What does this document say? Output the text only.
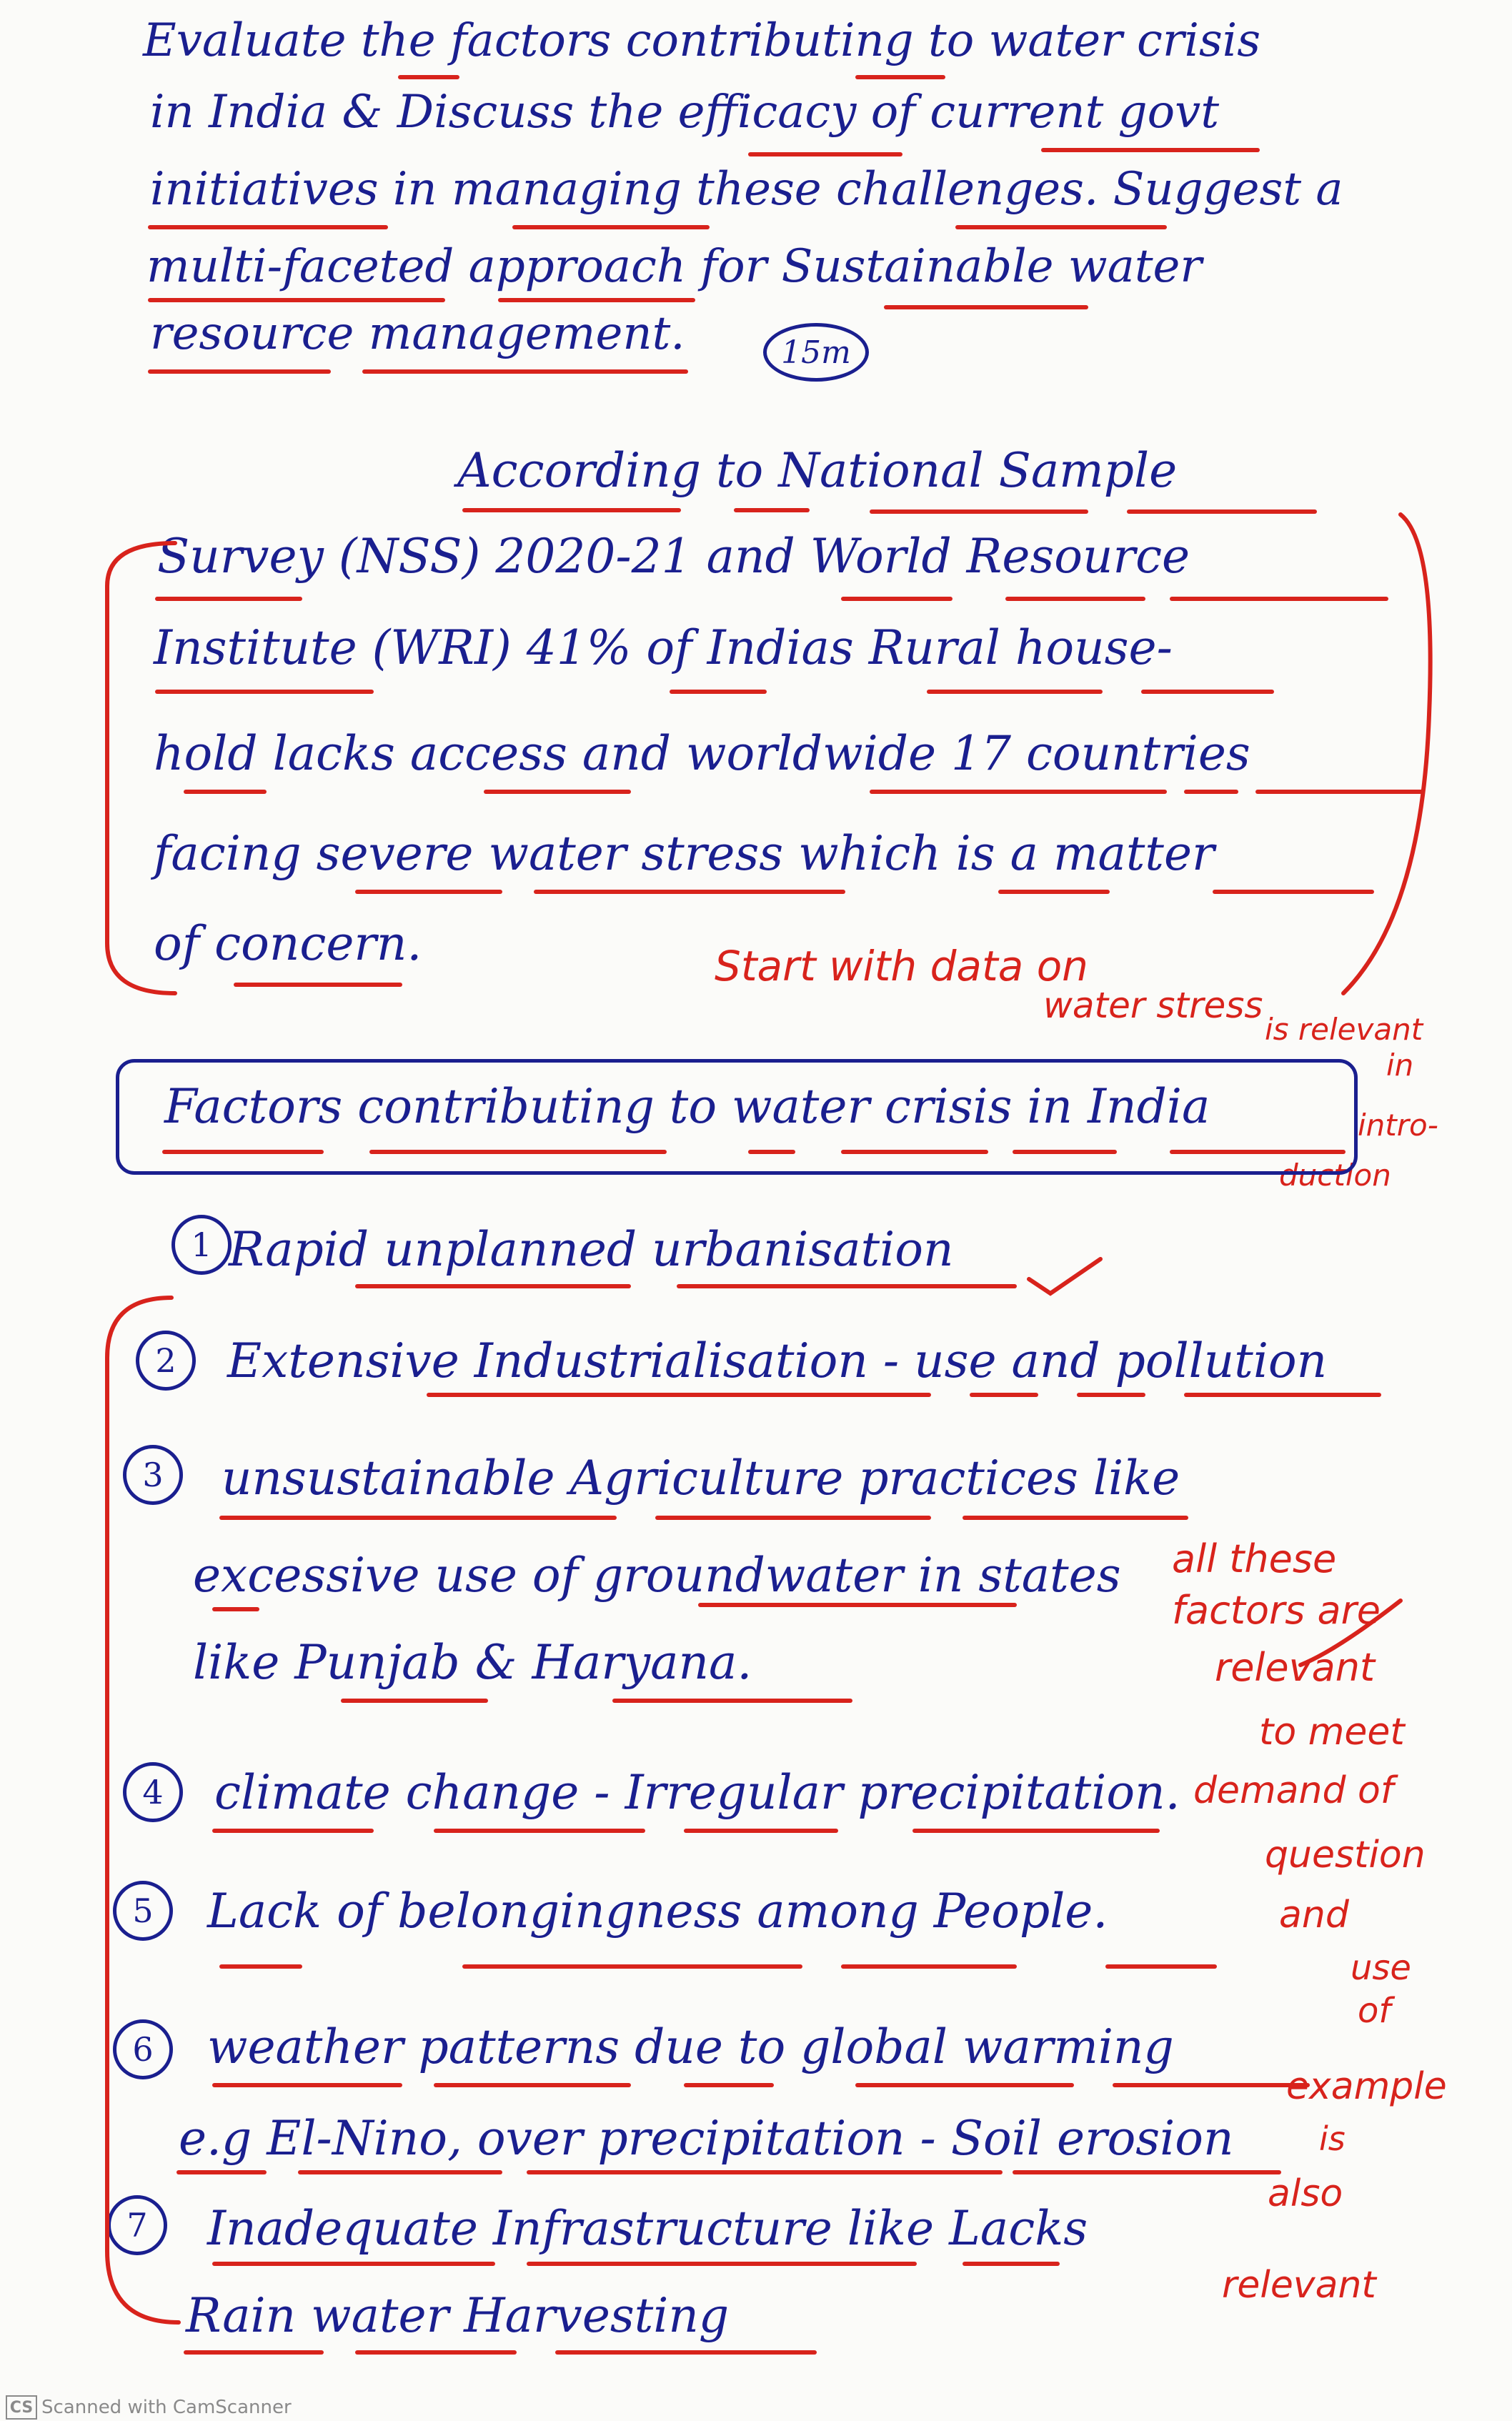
Evaluate the factors contributing to water crisis
in India & Discuss the efficacy of current govt
initiatives in managing these challenges. Suggest a
multi-faceted approach for Sustainable water
resource management.	15m
According to National Sample
Survey (NSS) 2020-21 and World Resource
Institute (WRI) 41% of Indias Rural house-
hold lacks access and worldwide 17 countries
facing severe water stress which is a matter
of concern.	Start with data on
water stress
is relevant
in
intro-
duction
Factors contributing to water crisis in India
1 Rapid unplanned urbanisation
2	Extensive Industrialisation - use and pollution
3	unsustainable Agriculture practices like
excessive use of groundwater in states
like Punjab & Haryana.
4	climate change - Irregular precipitation.
5	Lack of belongingness among People.
6	weather patterns due to global warming
e.g El-Nino, over precipitation - Soil erosion
7	Inadequate Infrastructure like Lacks
Rain water Harvesting
all these
factors are
relevant
to meet
demand of
question
and
use
of
example
is
also
relevant
CS Scanned with CamScanner
